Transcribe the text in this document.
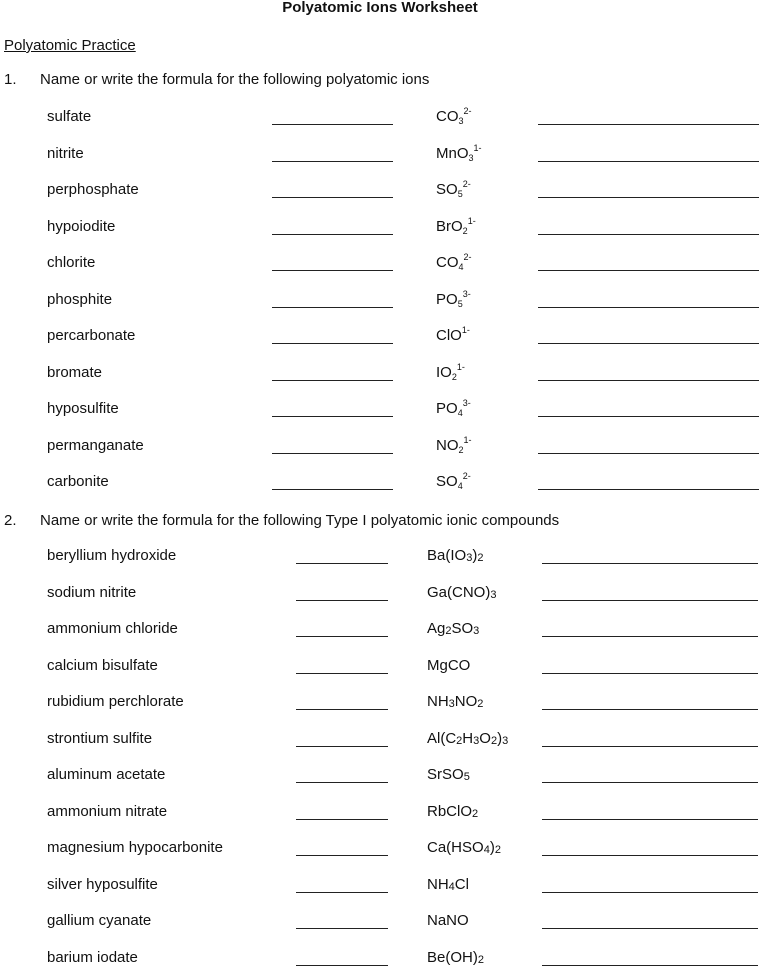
Polyatomic Ions Worksheet
Polyatomic Practice
1. Name or write the formula for the following polyatomic ions
sulfate	$CO_3^{2-}$
nitrite	MnO$_3^{1-}$
perphosphate	$SO_5^{2-}$
hypoiodite	BrO$_2^{1-}$
chlorite	$CO_4^{2-}$
phosphite	$PO_5^{3-}$
percarbonate	ClO$^{1-}$
bromate	$IO_2^{1-}$
hyposulfite	$PO_4^{3-}$
permanganate	$NO_2^{1-}$
carbonite	$SO_4^{2-}$
2. Name or write the formula for the following Type I polyatomic ionic compounds
beryllium hydroxide	$Ba(IO_3)_2$
sodium nitrite	$Ga(CNO)_3$
ammonium chloride	$Ag_2SO_3$
calcium bisulfate	MgCO
rubidium perchlorate	$NH_3NO_2$
strontium sulfite	$Al(C_2H_3O_2)_3$
aluminum acetate	SrSO$_5$
ammonium nitrate	RbClO$_2$
magnesium hypocarbonite	$Ca(HSO_4)_2$
silver hyposulfite	$NH_4Cl$
gallium cyanate	NaNO
barium iodate	$Be(OH)_2$
